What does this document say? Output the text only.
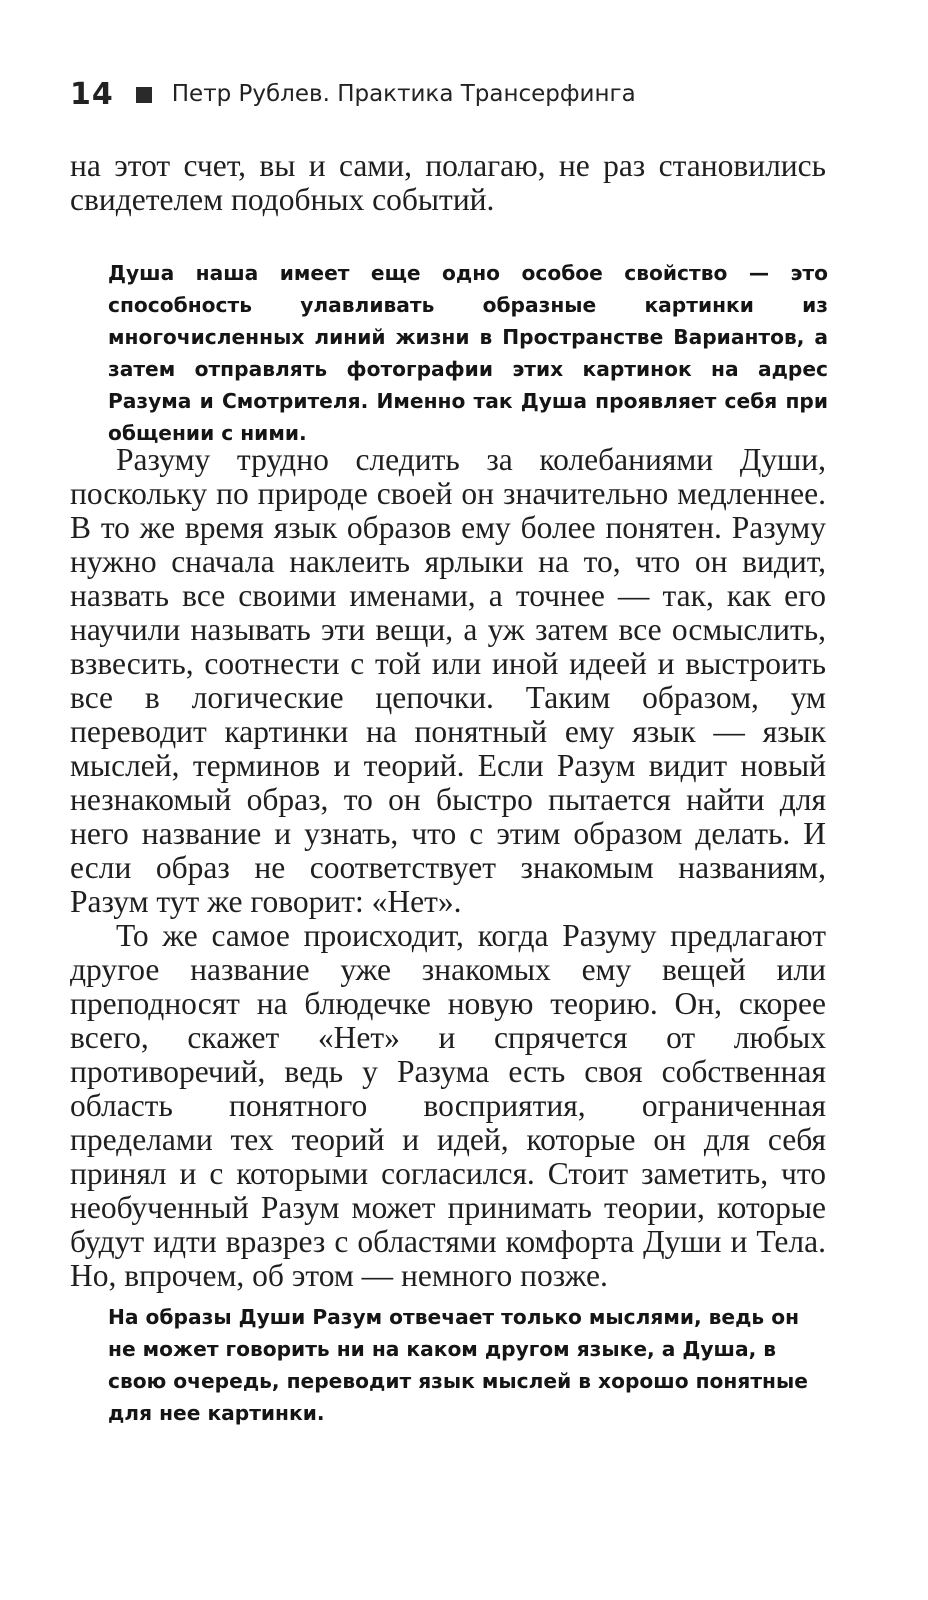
14	Петр Рублев. Практика Трансерфинга

на этот счет, вы и сами, полагаю, не раз становились свидетелем подобных событий.

Душа наша имеет еще одно особое свойство — это способность улавливать образные картинки из многочисленных линий жизни в Пространстве Вариантов, а затем отправлять фотографии этих картинок на адрес Разума и Смотрителя. Именно так Душа проявляет себя при общении с ними.

Разуму трудно следить за колебаниями Души, поскольку по природе своей он значительно медленнее. В то же время язык образов ему более понятен. Разуму нужно сначала наклеить ярлыки на то, что он видит, назвать все своими именами, а точнее — так, как его научили называть эти вещи, а уж затем все осмыслить, взвесить, соотнести с той или иной идеей и выстроить все в логические цепочки. Таким образом, ум переводит картинки на понятный ему язык — язык мыслей, терминов и теорий. Если Разум видит новый незнакомый образ, то он быстро пытается найти для него название и узнать, что с этим образом делать. И если образ не соответствует знакомым названиям, Разум тут же говорит: «Нет».

То же самое происходит, когда Разуму предлагают другое название уже знакомых ему вещей или преподносят на блюдечке новую теорию. Он, скорее всего, скажет «Нет» и спрячется от любых противоречий, ведь у Разума есть своя собственная область понятного восприятия, ограниченная пределами тех теорий и идей, которые он для себя принял и с которыми согласился. Стоит заметить, что необученный Разум может принимать теории, которые будут идти вразрез с областями комфорта Души и Тела. Но, впрочем, об этом — немного позже.

На образы Души Разум отвечает только мыслями, ведь он не может говорить ни на каком другом языке, а Душа, в свою очередь, переводит язык мыслей в хорошо понятные для нее картинки.
